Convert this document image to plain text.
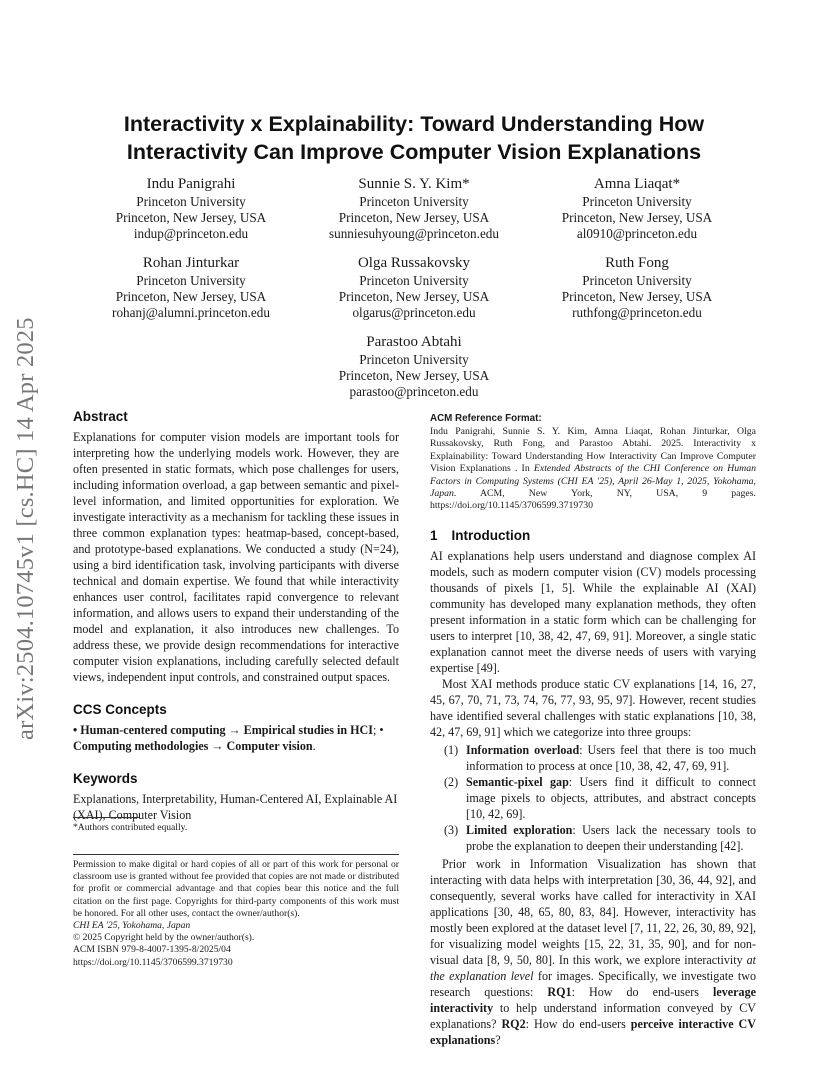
arXiv:2504.10745v1 [cs.HC] 14 Apr 2025
Interactivity x Explainability: Toward Understanding How
Interactivity Can Improve Computer Vision Explanations
Indu Panigrahi
Princeton University
Princeton, New Jersey, USA
indup@princeton.edu
Sunnie S. Y. Kim*
Princeton University
Princeton, New Jersey, USA
sunniesuhyoung@princeton.edu
Amna Liaqat*
Princeton University
Princeton, New Jersey, USA
al0910@princeton.edu
Rohan Jinturkar
Princeton University
Princeton, New Jersey, USA
rohanj@alumni.princeton.edu
Olga Russakovsky
Princeton University
Princeton, New Jersey, USA
olgarus@princeton.edu
Ruth Fong
Princeton University
Princeton, New Jersey, USA
ruthfong@princeton.edu
Parastoo Abtahi
Princeton University
Princeton, New Jersey, USA
parastoo@princeton.edu
Abstract
Explanations for computer vision models are important tools for interpreting how the underlying models work. However, they are often presented in static formats, which pose challenges for users, including information overload, a gap between semantic and pixel-level information, and limited opportunities for exploration. We investigate interactivity as a mechanism for tackling these issues in three common explanation types: heatmap-based, concept-based, and prototype-based explanations. We conducted a study (N=24), using a bird identification task, involving participants with diverse technical and domain expertise. We found that while interactivity enhances user control, facilitates rapid convergence to relevant information, and allows users to expand their understanding of the model and explanation, it also introduces new challenges. To address these, we provide design recommendations for interactive computer vision explanations, including carefully selected default views, independent input controls, and constrained output spaces.
CCS Concepts
• Human-centered computing → Empirical studies in HCI; • Computing methodologies → Computer vision.
Keywords
Explanations, Interpretability, Human-Centered AI, Explainable AI (XAI), Computer Vision
*Authors contributed equally.
Permission to make digital or hard copies of all or part of this work for personal or classroom use is granted without fee provided that copies are not made or distributed for profit or commercial advantage and that copies bear this notice and the full citation on the first page. Copyrights for third-party components of this work must be honored. For all other uses, contact the owner/author(s).
CHI EA '25, Yokohama, Japan
© 2025 Copyright held by the owner/author(s).
ACM ISBN 979-8-4007-1395-8/2025/04
https://doi.org/10.1145/3706599.3719730
ACM Reference Format:
Indu Panigrahi, Sunnie S. Y. Kim, Amna Liaqat, Rohan Jinturkar, Olga Russakovsky, Ruth Fong, and Parastoo Abtahi. 2025. Interactivity x Explainability: Toward Understanding How Interactivity Can Improve Computer Vision Explanations . In Extended Abstracts of the CHI Conference on Human Factors in Computing Systems (CHI EA '25), April 26-May 1, 2025, Yokohama, Japan. ACM, New York, NY, USA, 9 pages. https://doi.org/10.1145/3706599.3719730
1 Introduction

AI explanations help users understand and diagnose complex AI models, such as modern computer vision (CV) models processing thousands of pixels [1, 5]. While the explainable AI (XAI) community has developed many explanation methods, they often present information in a static form which can be challenging for users to interpret [10, 38, 42, 47, 69, 91]. Moreover, a single static explanation cannot meet the diverse needs of users with varying expertise [49].

Most XAI methods produce static CV explanations [14, 16, 27, 45, 67, 70, 71, 73, 74, 76, 77, 93, 95, 97]. However, recent studies have identified several challenges with static explanations [10, 38, 42, 47, 69, 91] which we categorize into three groups:

(1) Information overload: Users feel that there is too much information to process at once [10, 38, 42, 47, 69, 91].
(2) Semantic-pixel gap: Users find it difficult to connect image pixels to objects, attributes, and abstract concepts [10, 42, 69].
(3) Limited exploration: Users lack the necessary tools to probe the explanation to deepen their understanding [42].

Prior work in Information Visualization has shown that interacting with data helps with interpretation [30, 36, 44, 92], and consequently, several works have called for interactivity in XAI applications [30, 48, 65, 80, 83, 84]. However, interactivity has mostly been explored at the dataset level [7, 11, 22, 26, 30, 89, 92], for visualizing model weights [15, 22, 31, 35, 90], and for non-visual data [8, 9, 50, 80]. In this work, we explore interactivity at the explanation level for images. Specifically, we investigate two research questions: RQ1: How do end-users leverage interactivity to help understand information conveyed by CV explanations? RQ2: How do end-users perceive interactive CV explanations?
